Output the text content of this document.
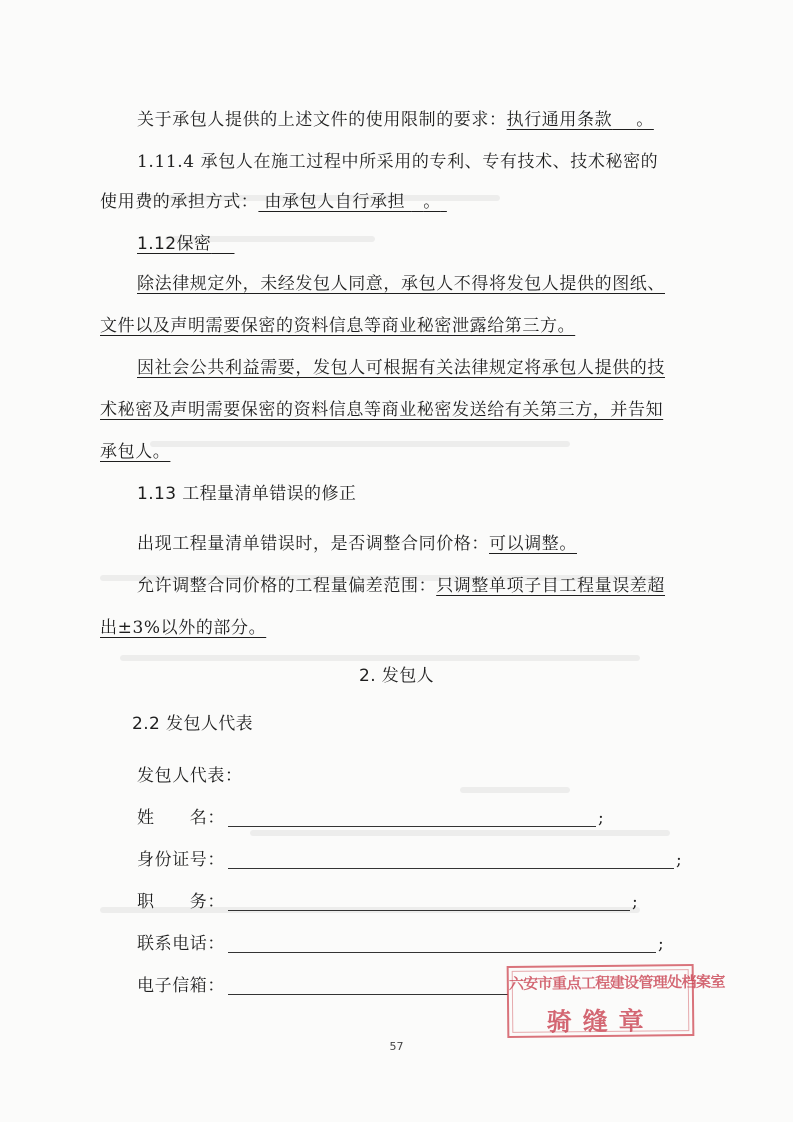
关于承包人提供的上述文件的使用限制的要求：执行通用条款 。
1.11.4 承包人在施工过程中所采用的专利、专有技术、技术秘密的
使用费的承担方式： 由承包人自行承担   。
1.12保密
除法律规定外，未经发包人同意，承包人不得将发包人提供的图纸、
文件以及声明需要保密的资料信息等商业秘密泄露给第三方。
因社会公共利益需要，发包人可根据有关法律规定将承包人提供的技
术秘密及声明需要保密的资料信息等商业秘密发送给有关第三方，并告知
承包人。
1.13 工程量清单错误的修正
出现工程量清单错误时，是否调整合同价格：可以调整。
允许调整合同价格的工程量偏差范围：只调整单项子目工程量误差超
出±3%以外的部分。
2. 发包人
2.2 发包人代表
发包人代表：
姓　　名：	;
身份证号：	;
职　　务：	;
联系电话：	;
电子信箱：	六安市重点工程建设管理处档案室
骑缝章
57
